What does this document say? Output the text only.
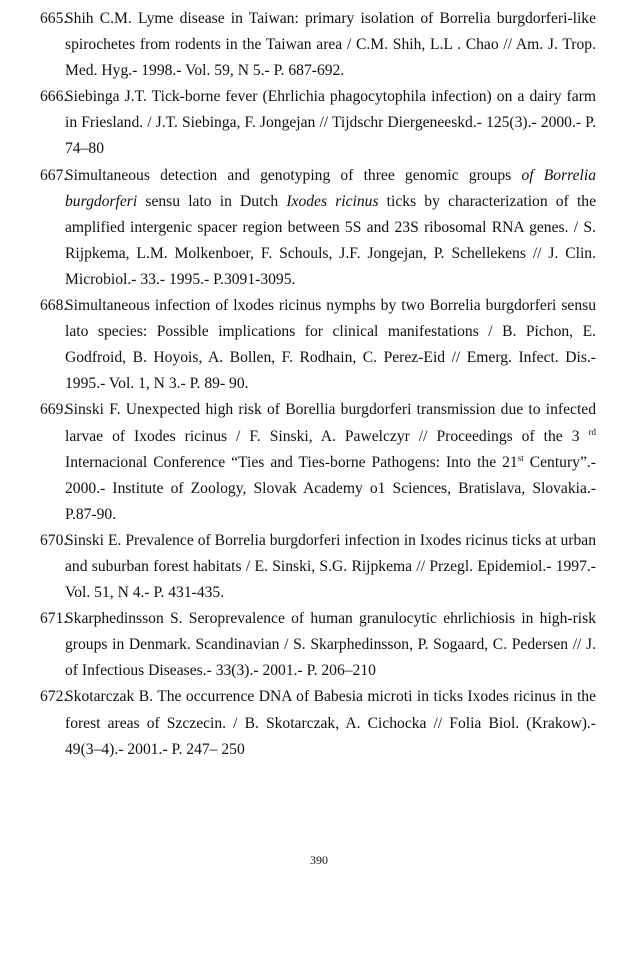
665.
Shih C.M. Lyme disease in Taiwan: primary isolation of Borrelia burgdorferi-like spirochetes from rodents in the Taiwan area / C.M. Shih, L.L . Chao // Am. J. Trop. Med. Hyg.- 1998.- Vol. 59, N 5.- P. 687-692.
666.
Siebinga J.T. Tick-borne fever (Ehrlichia phagocytophila infection) on a dairy farm in Friesland. / J.T. Siebinga, F. Jongejan // Tijdschr Diergeneeskd.- 125(3).- 2000.- P. 74–80
667.
Simultaneous detection and genotyping of three genomic groups of Borrelia burgdorferi sensu lato in Dutch Ixodes ricinus ticks by characterization of the amplified intergenic spacer region between 5S and 23S ribosomal RNA genes. / S. Rijpkema, L.M. Molkenboer, F. Schouls, J.F. Jongejan, P. Schellekens // J. Clin. Microbiol.- 33.- 1995.- P.3091-3095.
668.
Simultaneous infection of lxodes ricinus nymphs by two Borrelia burgdorferi sensu lato species: Possible implications for clinical manifestations / B. Pichon, E. Godfroid, B. Hoyois, A. Bollen, F. Rodhain, C. Perez-Eid // Emerg. Infect. Dis.- 1995.- Vol. 1, N 3.- P. 89- 90.
669.
Sinski F. Unexpected high risk of Borellia burgdorferi transmission due to infected larvae of Ixodes ricinus / F. Sinski, A. Pawelczyr // Proceedings of the 3 $^{rd}$ Internacional Conference “Ties and Ties-borne Pathogens: Into the 21st Century”.- 2000.- Institute of Zoology, Slovak Academy o1 Sciences, Bratislava, Slovakia.- P.87-90.
670.
Sinski E. Prevalence of Borrelia burgdorferi infection in Ixodes ricinus ticks at urban and suburban forest habitats / E. Sinski, S.G. Rijpkema // Przegl. Epidemiol.- 1997.- Vol. 51, N 4.- P. 431-435.
671.
Skarphedinsson S. Seroprevalence of human granulocytic ehrlichiosis in high-risk groups in Denmark. Scandinavian / S. Skarphedinsson, P. Sogaard, C. Pedersen // J. of Infectious Diseases.- 33(3).- 2001.- P. 206–210
672.
Skotarczak B. The occurrence DNA of Babesia microti in ticks Ixodes ricinus in the forest areas of Szczecin. / B. Skotarczak, A. Cichocka // Folia Biol. (Krakow).- 49(3–4).- 2001.- P. 247– 250
390
